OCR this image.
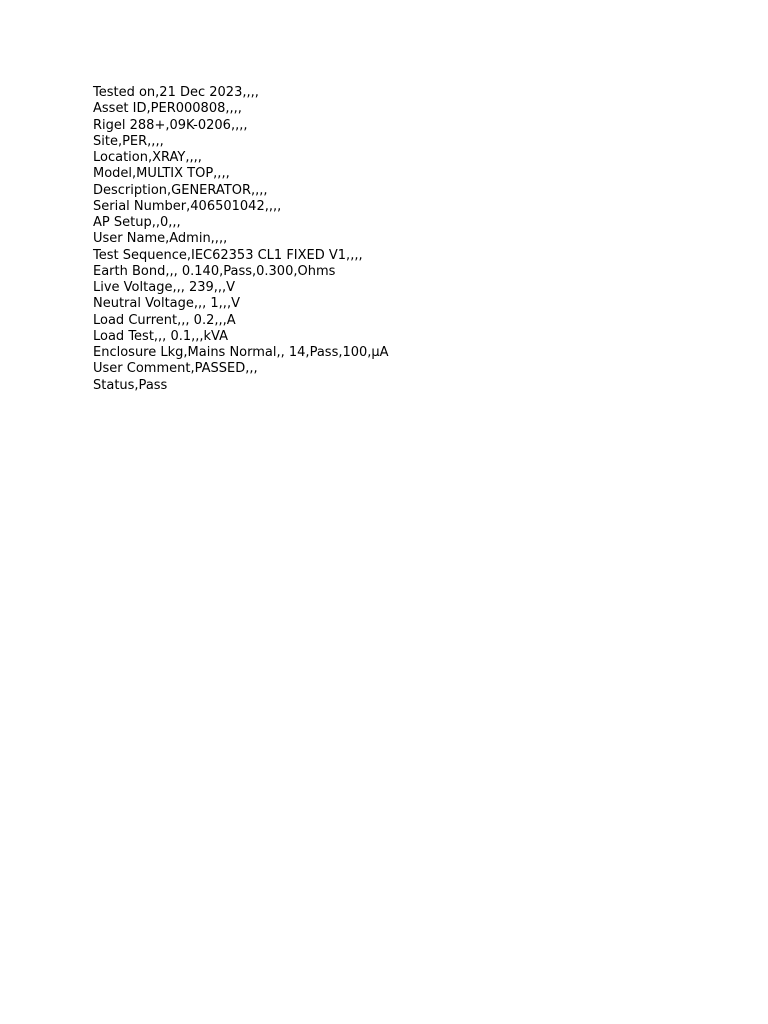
Tested on,21 Dec 2023,,,,
Asset ID,PER000808,,,,
Rigel 288+,09K-0206,,,,
Site,PER,,,,
Location,XRAY,,,,
Model,MULTIX TOP,,,,
Description,GENERATOR,,,,
Serial Number,406501042,,,,
AP Setup,,0,,,
User Name,Admin,,,,
Test Sequence,IEC62353 CL1 FIXED V1,,,,
Earth Bond,,, 0.140,Pass,0.300,Ohms
Live Voltage,,, 239,,,V
Neutral Voltage,,, 1,,,V
Load Current,,, 0.2,,,A
Load Test,,, 0.1,,,kVA
Enclosure Lkg,Mains Normal,, 14,Pass,100,µA
User Comment,PASSED,,,
Status,Pass
